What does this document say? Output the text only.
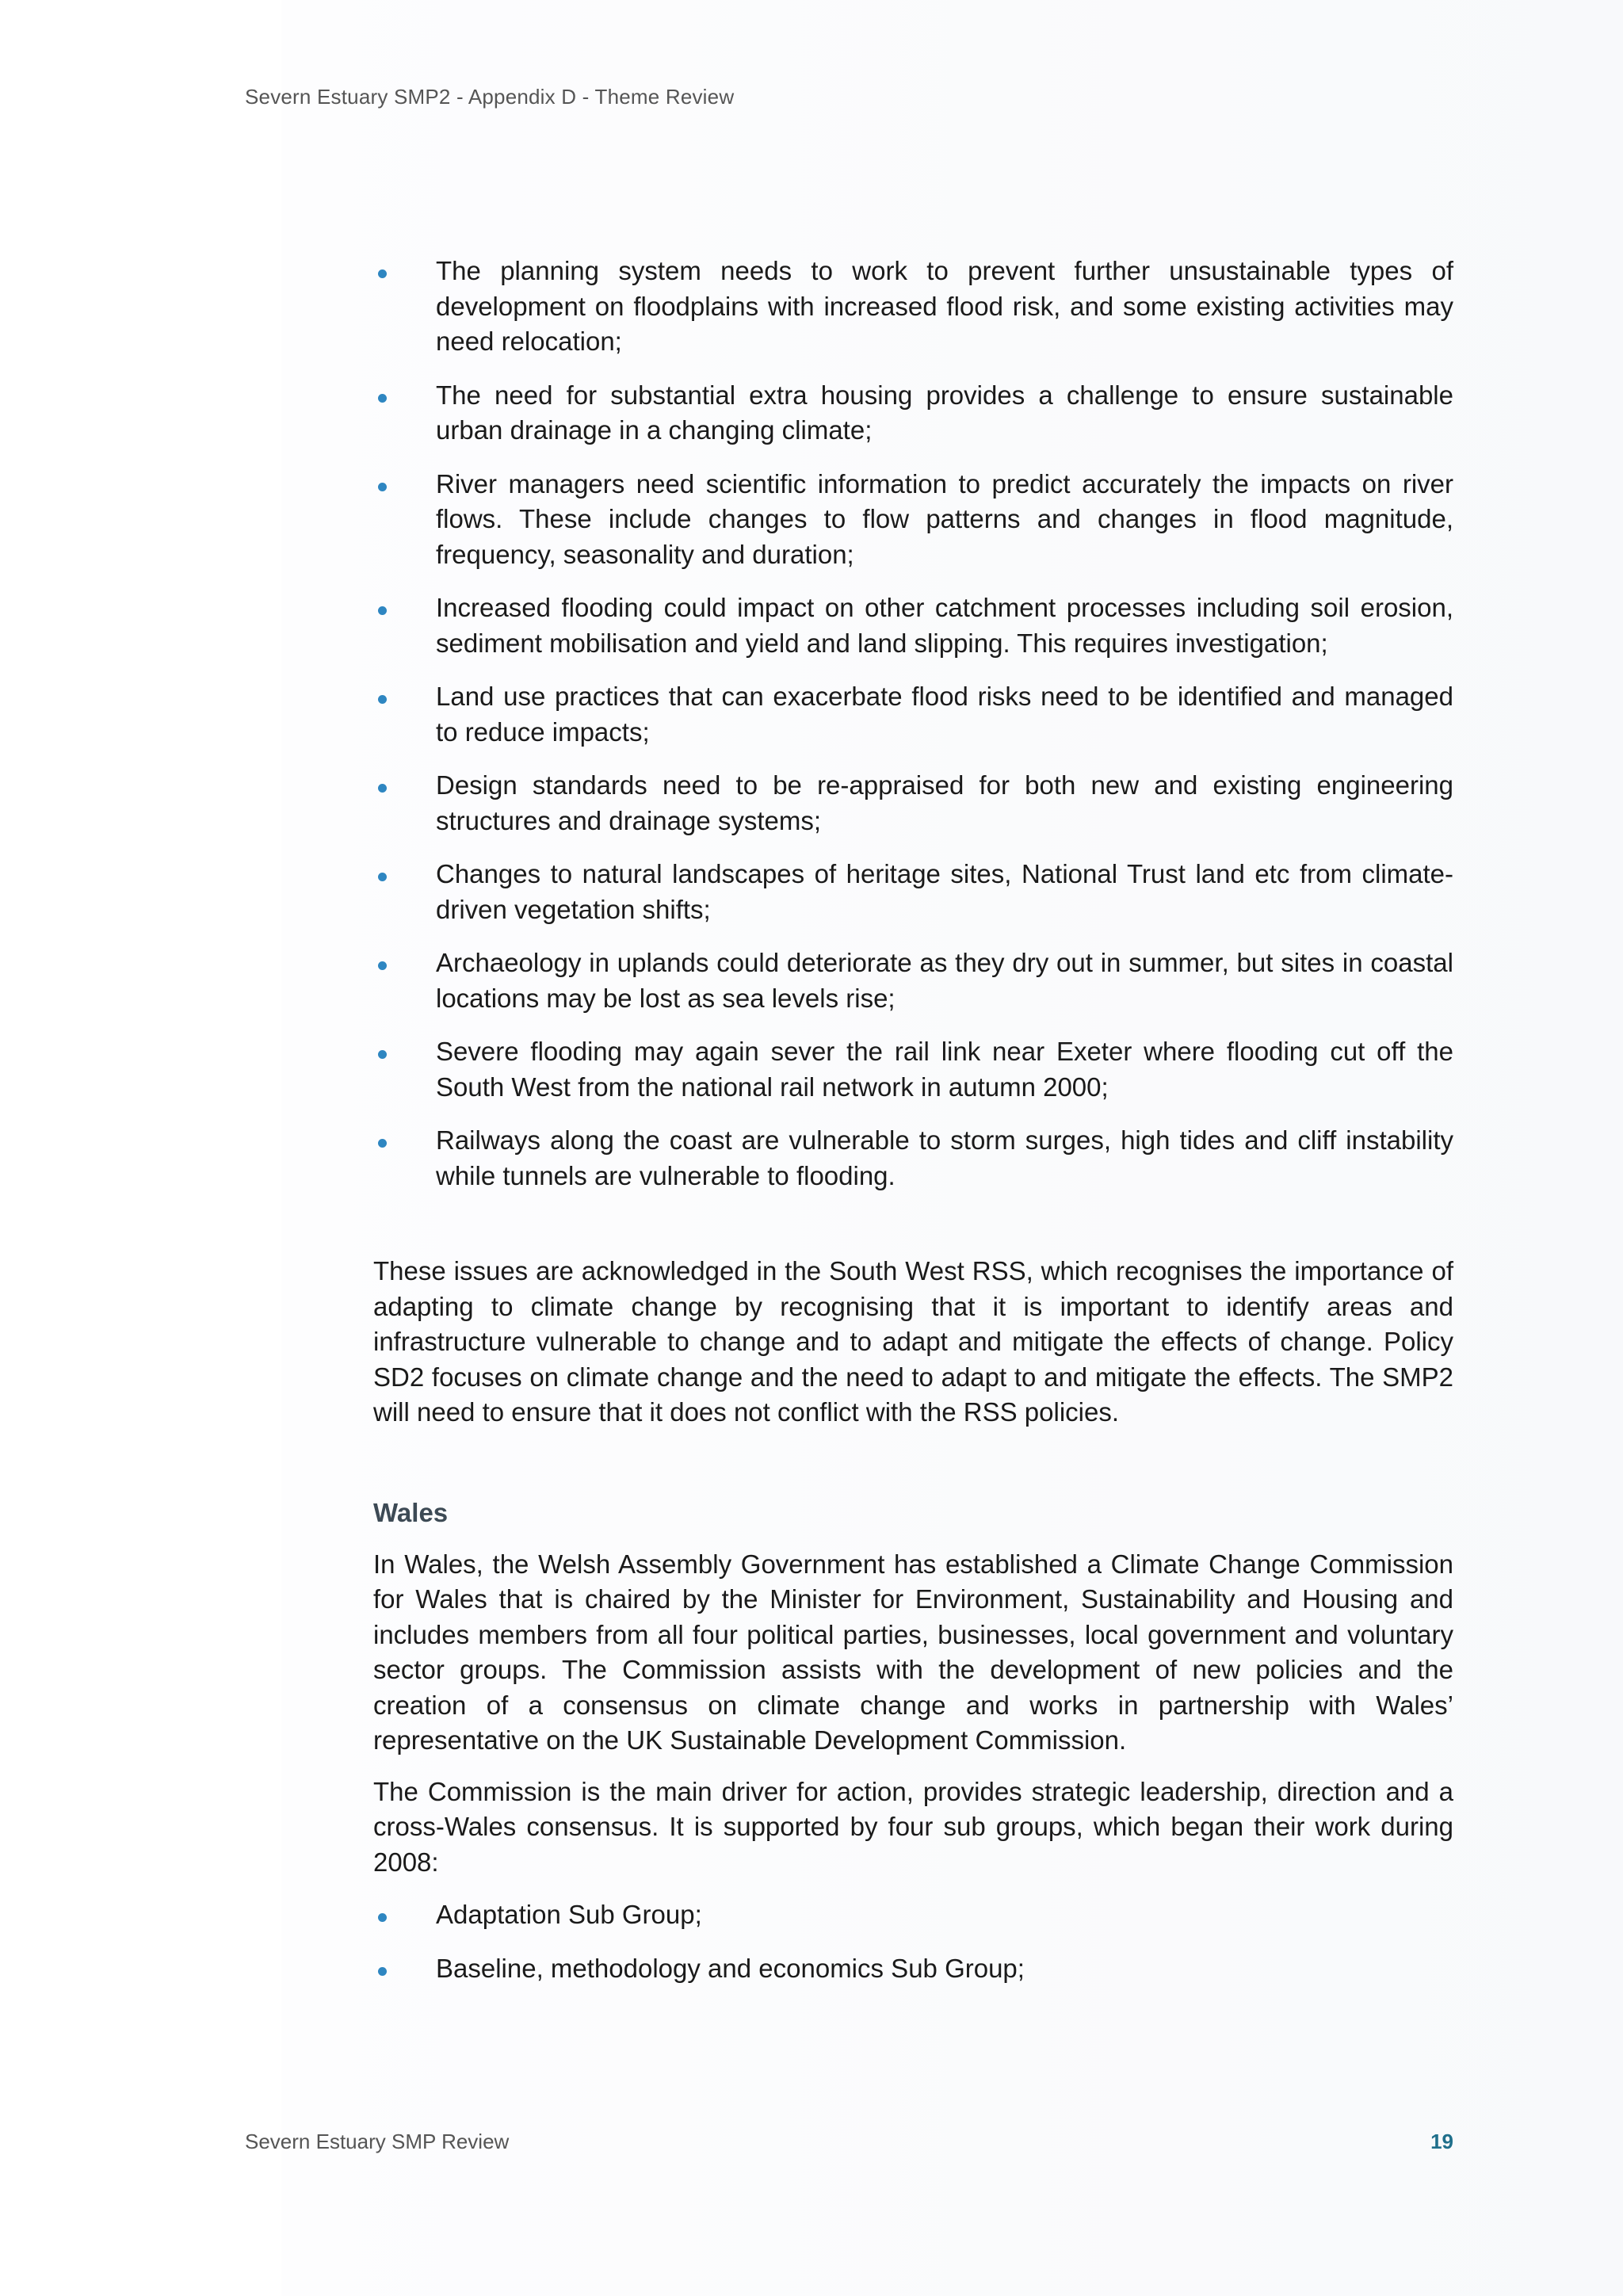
Severn Estuary SMP2 - Appendix D - Theme Review
The planning system needs to work to prevent further unsustainable types of development on floodplains with increased flood risk, and some existing activities may need relocation;
The need for substantial extra housing provides a challenge to ensure sustainable urban drainage in a changing climate;
River managers need scientific information to predict accurately the impacts on river flows. These include changes to flow patterns and changes in flood magnitude, frequency, seasonality and duration;
Increased flooding could impact on other catchment processes including soil erosion, sediment mobilisation and yield and land slipping. This requires investigation;
Land use practices that can exacerbate flood risks need to be identified and managed to reduce impacts;
Design standards need to be re-appraised for both new and existing engineering structures and drainage systems;
Changes to natural landscapes of heritage sites, National Trust land etc from climate-driven vegetation shifts;
Archaeology in uplands could deteriorate as they dry out in summer, but sites in coastal locations may be lost as sea levels rise;
Severe flooding may again sever the rail link near Exeter where flooding cut off the South West from the national rail network in autumn 2000;
Railways along the coast are vulnerable to storm surges, high tides and cliff instability while tunnels are vulnerable to flooding.

These issues are acknowledged in the South West RSS, which recognises the importance of adapting to climate change by recognising that it is important to identify areas and infrastructure vulnerable to change and to adapt and mitigate the effects of change. Policy SD2 focuses on climate change and the need to adapt to and mitigate the effects. The SMP2 will need to ensure that it does not conflict with the RSS policies.

Wales

In Wales, the Welsh Assembly Government has established a Climate Change Commission for Wales that is chaired by the Minister for Environment, Sustainability and Housing and includes members from all four political parties, businesses, local government and voluntary sector groups. The Commission assists with the development of new policies and the creation of a consensus on climate change and works in partnership with Wales’ representative on the UK Sustainable Development Commission.

The Commission is the main driver for action, provides strategic leadership, direction and a cross-Wales consensus. It is supported by four sub groups, which began their work during 2008:

Adaptation Sub Group;
Baseline, methodology and economics Sub Group;
Severn Estuary SMP Review	19
